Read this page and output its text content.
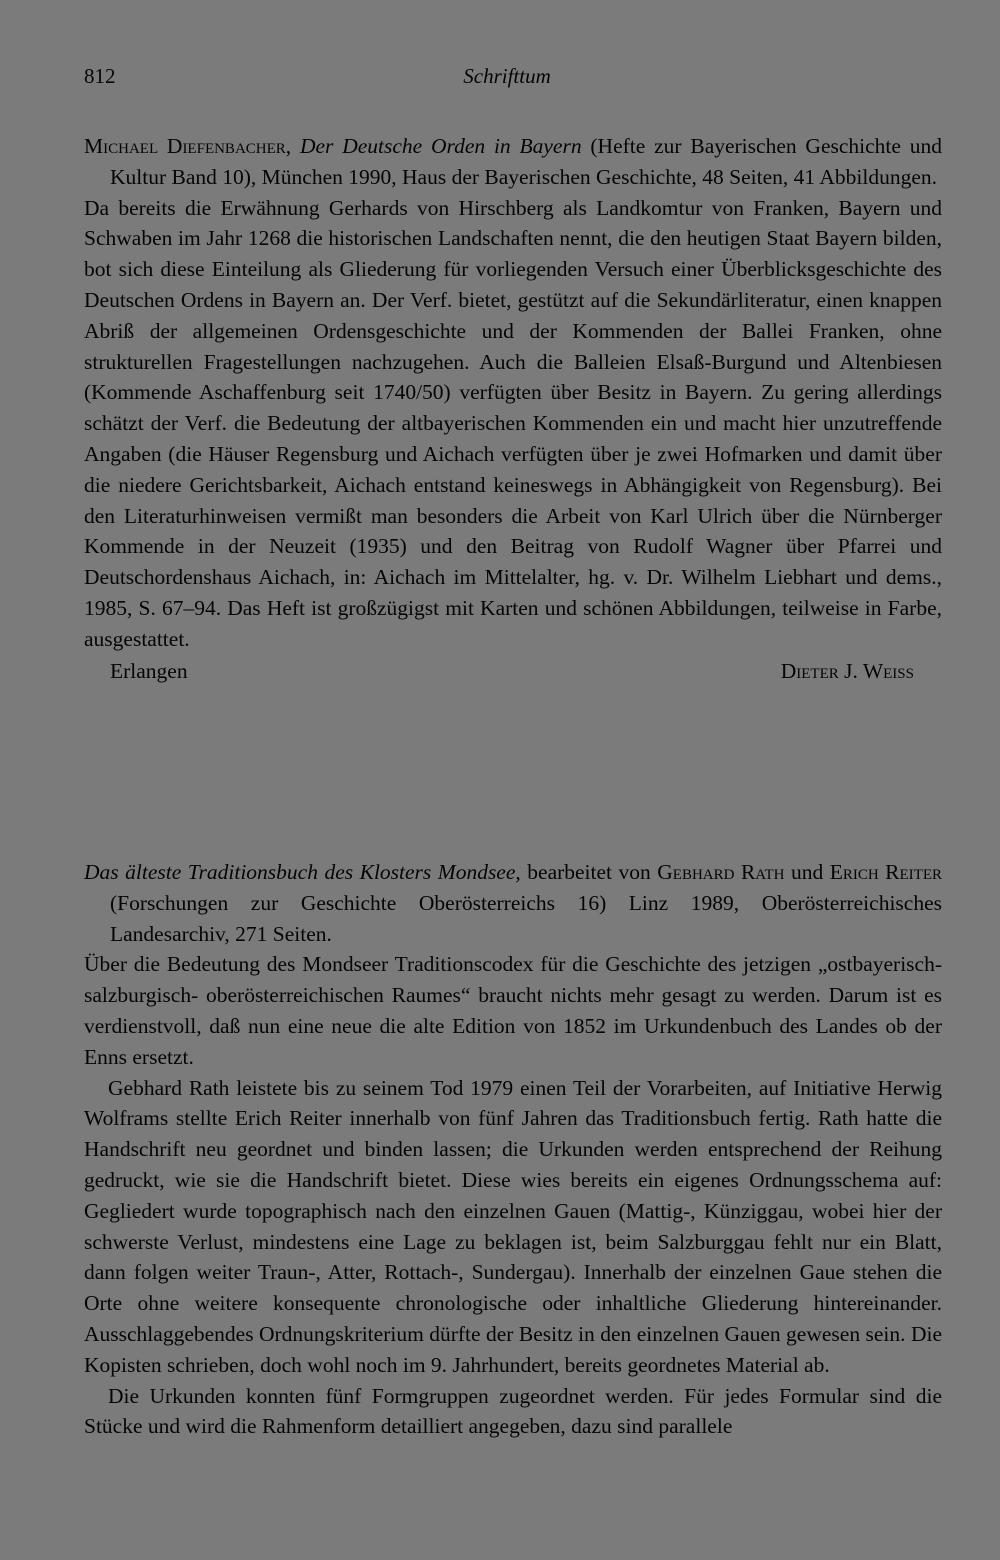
812	Schrifttum
Michael Diefenbacher, Der Deutsche Orden in Bayern (Hefte zur Bayerischen Geschichte und Kultur Band 10), München 1990, Haus der Bayerischen Geschichte, 48 Seiten, 41 Abbildungen.

Da bereits die Erwähnung Gerhards von Hirschberg als Landkomtur von Franken, Bayern und Schwaben im Jahr 1268 die historischen Landschaften nennt, die den heutigen Staat Bayern bilden, bot sich diese Einteilung als Gliederung für vorliegenden Versuch einer Überblicksgeschichte des Deutschen Ordens in Bayern an. Der Verf. bietet, gestützt auf die Sekundärliteratur, einen knappen Abriß der allgemeinen Ordensgeschichte und der Kommenden der Ballei Franken, ohne strukturellen Fragestellungen nachzugehen. Auch die Balleien Elsaß-Burgund und Altenbiesen (Kommende Aschaffenburg seit 1740/50) verfügten über Besitz in Bayern. Zu gering allerdings schätzt der Verf. die Bedeutung der altbayerischen Kommenden ein und macht hier unzutreffende Angaben (die Häuser Regensburg und Aichach verfügten über je zwei Hofmarken und damit über die niedere Gerichtsbarkeit, Aichach entstand keineswegs in Abhängigkeit von Regensburg). Bei den Literaturhinweisen vermißt man besonders die Arbeit von Karl Ulrich über die Nürnberger Kommende in der Neuzeit (1935) und den Beitrag von Rudolf Wagner über Pfarrei und Deutschordenshaus Aichach, in: Aichach im Mittelalter, hg. v. Dr. Wilhelm Liebhart und dems., 1985, S. 67–94. Das Heft ist großzügigst mit Karten und schönen Abbildungen, teilweise in Farbe, ausgestattet.

Erlangen	Dieter J. Weiss
Das älteste Traditionsbuch des Klosters Mondsee, bearbeitet von Gebhard Rath und Erich Reiter (Forschungen zur Geschichte Oberösterreichs 16) Linz 1989, Oberösterreichisches Landesarchiv, 271 Seiten.

Über die Bedeutung des Mondseer Traditionscodex für die Geschichte des jetzigen „ostbayerisch- salzburgisch- oberösterreichischen Raumes“ braucht nichts mehr gesagt zu werden. Darum ist es verdienstvoll, daß nun eine neue die alte Edition von 1852 im Urkundenbuch des Landes ob der Enns ersetzt.

Gebhard Rath leistete bis zu seinem Tod 1979 einen Teil der Vorarbeiten, auf Initiative Herwig Wolframs stellte Erich Reiter innerhalb von fünf Jahren das Traditionsbuch fertig. Rath hatte die Handschrift neu geordnet und binden lassen; die Urkunden werden entsprechend der Reihung gedruckt, wie sie die Handschrift bietet. Diese wies bereits ein eigenes Ordnungsschema auf: Gegliedert wurde topographisch nach den einzelnen Gauen (Mattig-, Künziggau, wobei hier der schwerste Verlust, mindestens eine Lage zu beklagen ist, beim Salzburggau fehlt nur ein Blatt, dann folgen weiter Traun-, Atter, Rottach-, Sundergau). Innerhalb der einzelnen Gaue stehen die Orte ohne weitere konsequente chronologische oder inhaltliche Gliederung hintereinander. Ausschlaggebendes Ordnungskriterium dürfte der Besitz in den einzelnen Gauen gewesen sein. Die Kopisten schrieben, doch wohl noch im 9. Jahrhundert, bereits geordnetes Material ab.

Die Urkunden konnten fünf Formgruppen zugeordnet werden. Für jedes Formular sind die Stücke und wird die Rahmenform detailliert angegeben, dazu sind parallele
